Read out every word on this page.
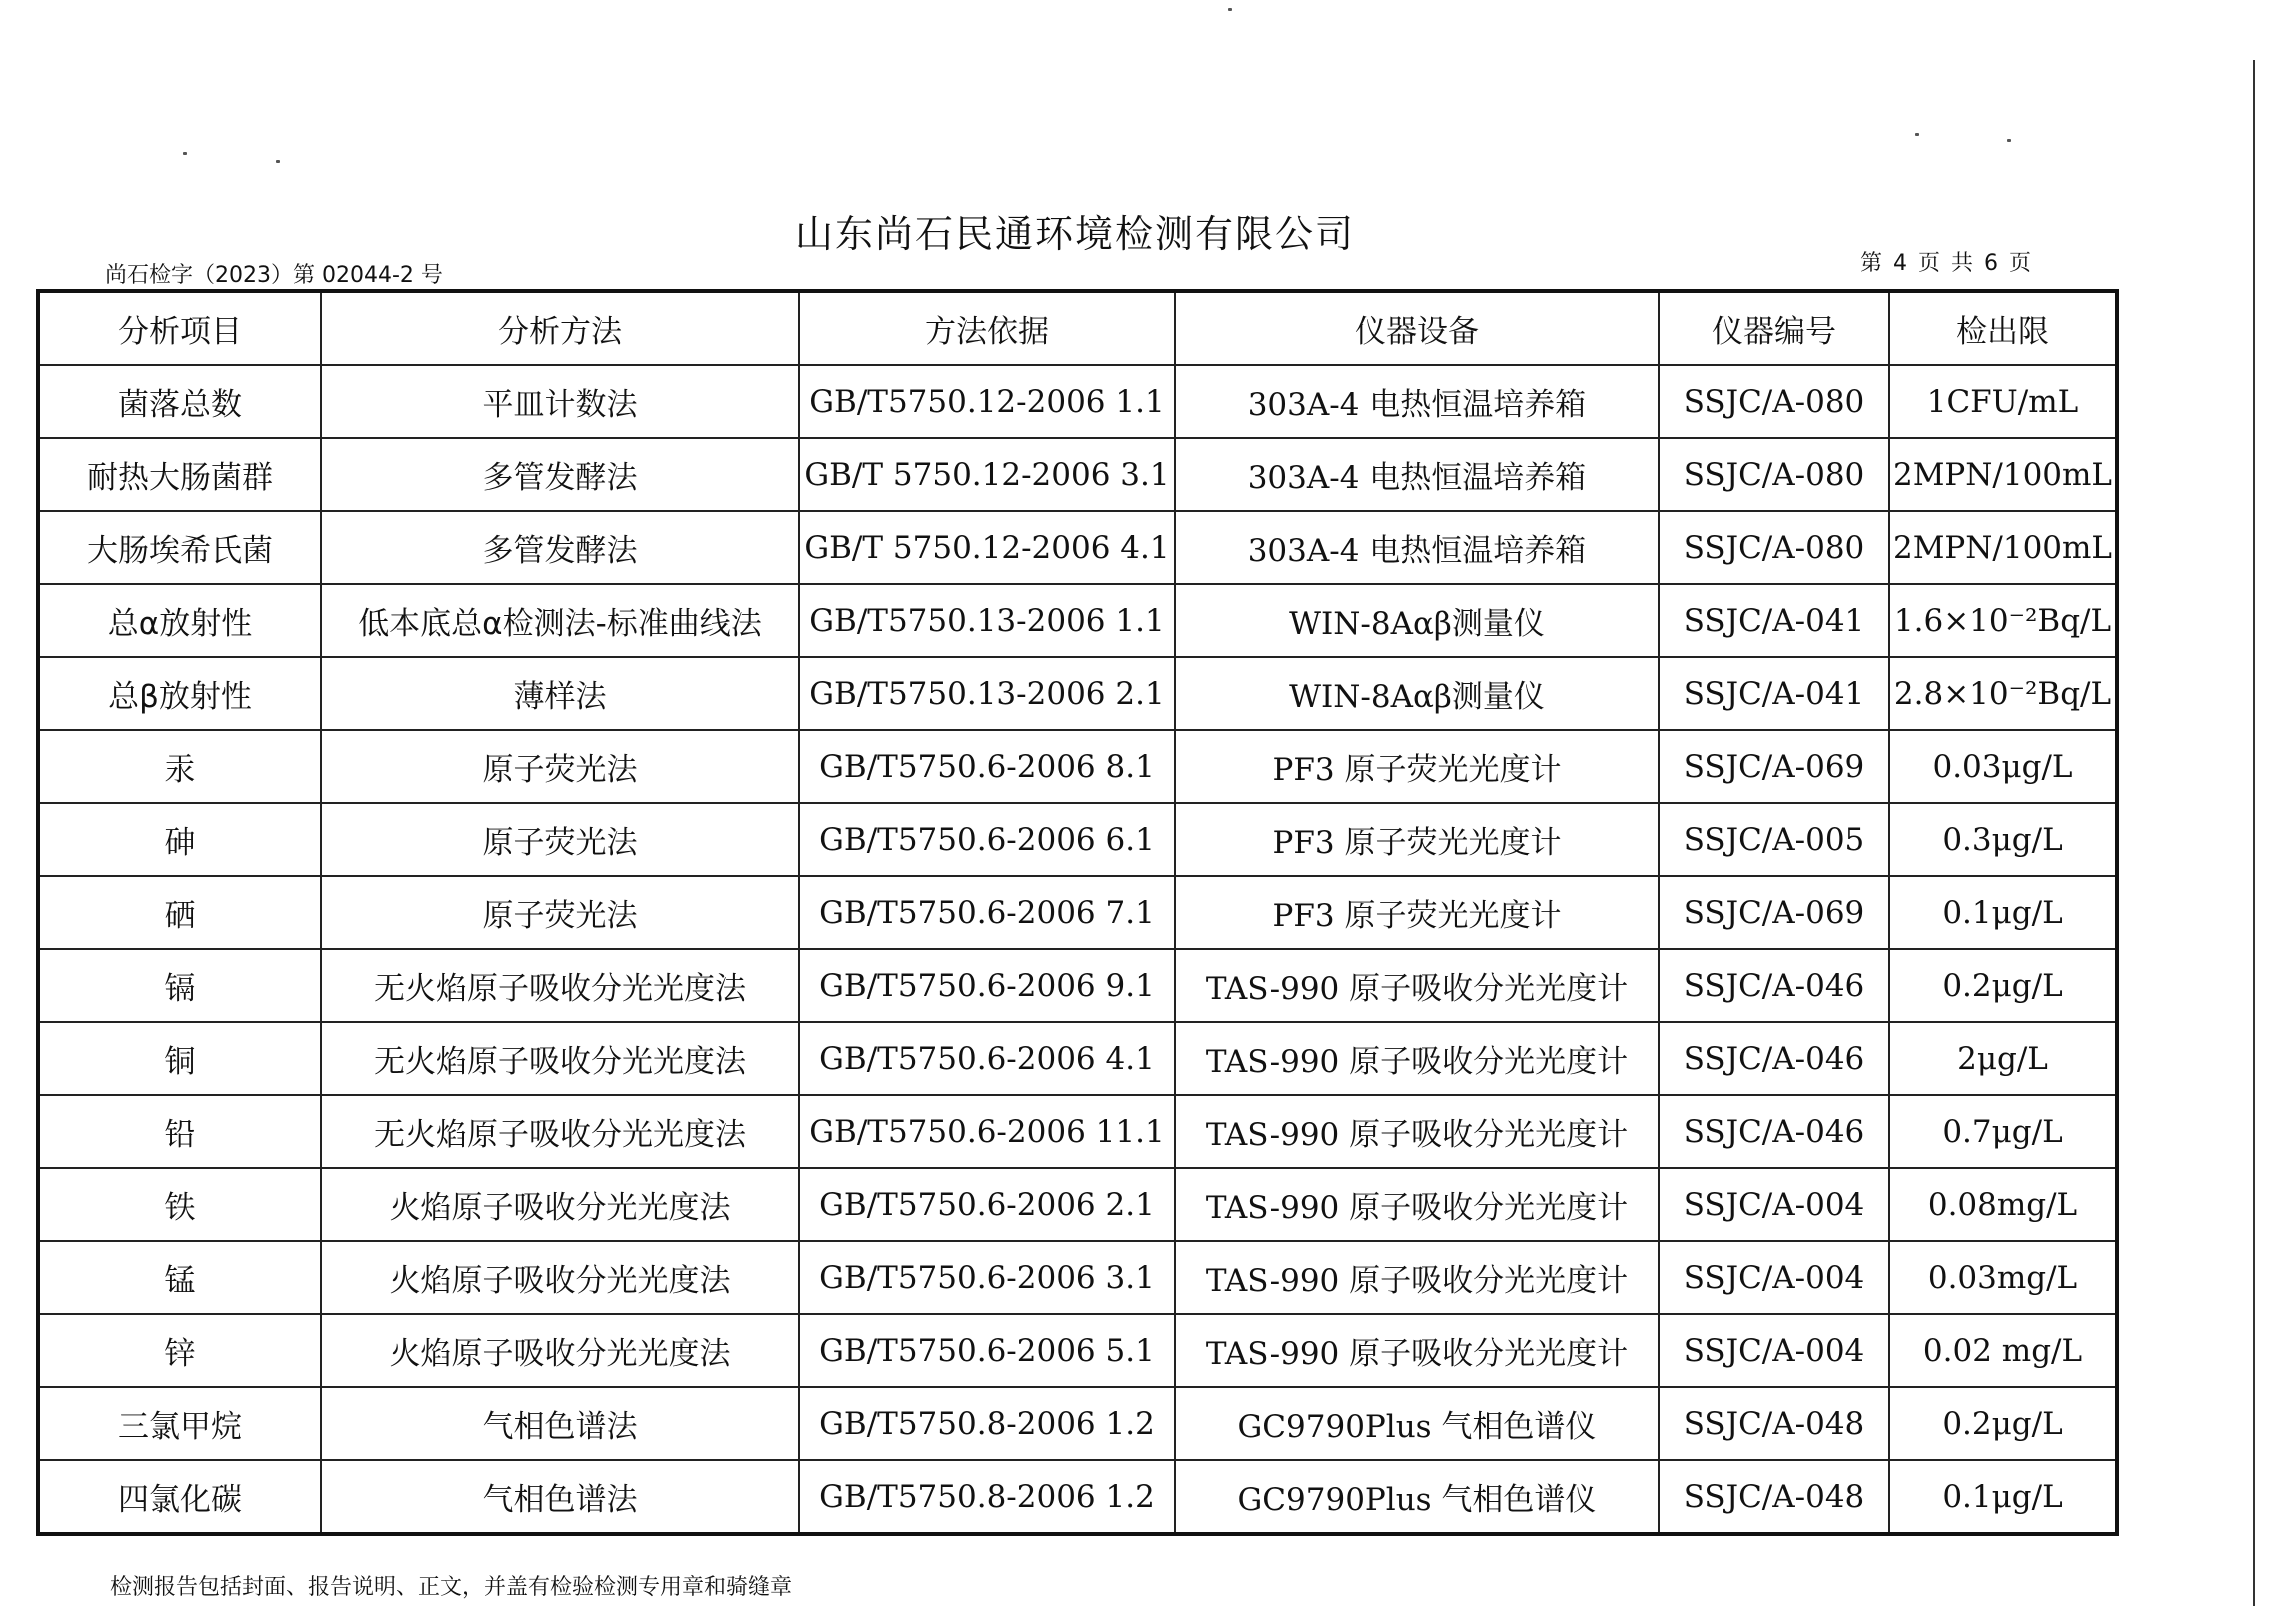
山东尚石民通环境检测有限公司
尚石检字（2023）第 02044-2 号	第 4 页 共 6 页
分析项目	分析方法	方法依据	仪器设备	仪器编号	检出限
菌落总数	平皿计数法	GB/T5750.12-2006 1.1	303A-4 电热恒温培养箱	SSJC/A-080	1CFU/mL
耐热大肠菌群	多管发酵法	GB/T 5750.12-2006 3.1	303A-4 电热恒温培养箱	SSJC/A-080	2MPN/100mL
大肠埃希氏菌	多管发酵法	GB/T 5750.12-2006 4.1	303A-4 电热恒温培养箱	SSJC/A-080	2MPN/100mL
总α放射性	低本底总α检测法-标准曲线法	GB/T5750.13-2006 1.1	WIN-8Aαβ测量仪	SSJC/A-041	1.6×10⁻²Bq/L
总β放射性	薄样法	GB/T5750.13-2006 2.1	WIN-8Aαβ测量仪	SSJC/A-041	2.8×10⁻²Bq/L
汞	原子荧光法	GB/T5750.6-2006 8.1	PF3 原子荧光光度计	SSJC/A-069	0.03μg/L
砷	原子荧光法	GB/T5750.6-2006 6.1	PF3 原子荧光光度计	SSJC/A-005	0.3μg/L
硒	原子荧光法	GB/T5750.6-2006 7.1	PF3 原子荧光光度计	SSJC/A-069	0.1μg/L
镉	无火焰原子吸收分光光度法	GB/T5750.6-2006 9.1	TAS-990 原子吸收分光光度计	SSJC/A-046	0.2μg/L
铜	无火焰原子吸收分光光度法	GB/T5750.6-2006 4.1	TAS-990 原子吸收分光光度计	SSJC/A-046	2μg/L
铅	无火焰原子吸收分光光度法	GB/T5750.6-2006 11.1	TAS-990 原子吸收分光光度计	SSJC/A-046	0.7μg/L
铁	火焰原子吸收分光光度法	GB/T5750.6-2006 2.1	TAS-990 原子吸收分光光度计	SSJC/A-004	0.08mg/L
锰	火焰原子吸收分光光度法	GB/T5750.6-2006 3.1	TAS-990 原子吸收分光光度计	SSJC/A-004	0.03mg/L
锌	火焰原子吸收分光光度法	GB/T5750.6-2006 5.1	TAS-990 原子吸收分光光度计	SSJC/A-004	0.02 mg/L
三氯甲烷	气相色谱法	GB/T5750.8-2006 1.2	GC9790Plus 气相色谱仪	SSJC/A-048	0.2μg/L
四氯化碳	气相色谱法	GB/T5750.8-2006 1.2	GC9790Plus 气相色谱仪	SSJC/A-048	0.1μg/L
检测报告包括封面、报告说明、正文，并盖有检验检测专用章和骑缝章
